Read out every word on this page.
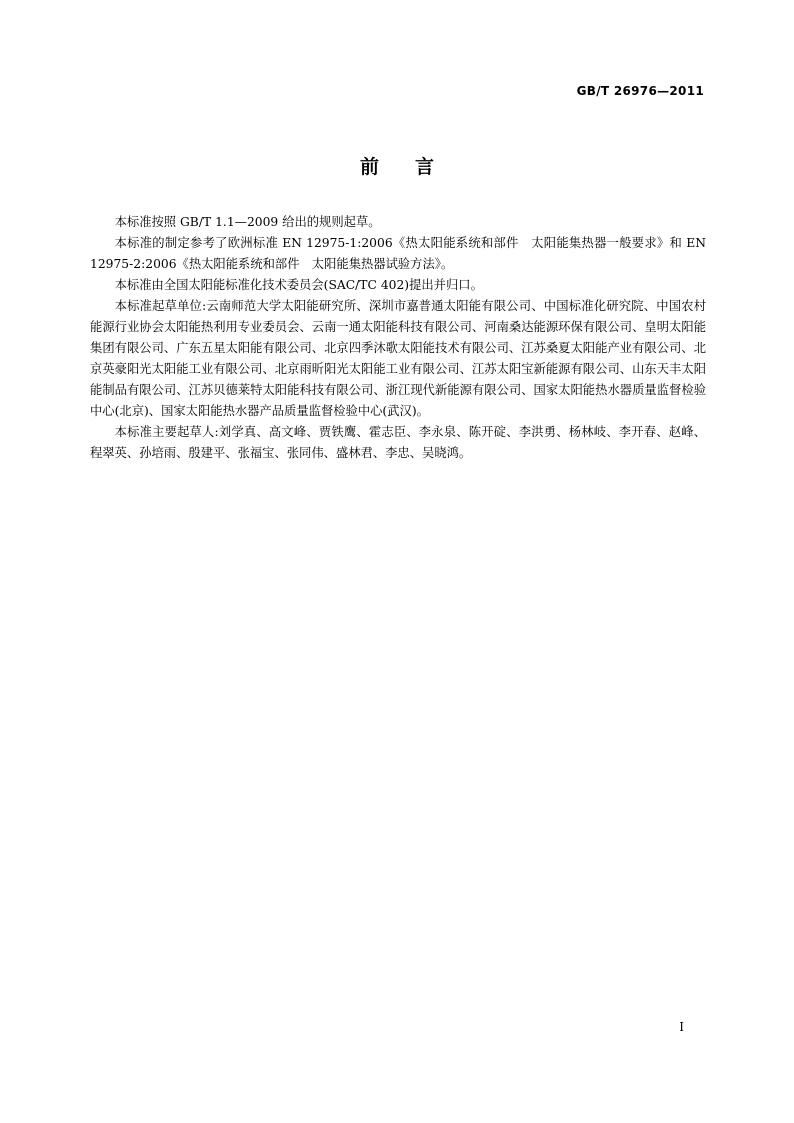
GB/T 26976—2011
前言

本标准按照 GB/T 1.1—2009 给出的规则起草。

本标准的制定参考了欧洲标准 EN 12975-1:2006《热太阳能系统和部件　太阳能集热器一般要求》和 EN 12975-2:2006《热太阳能系统和部件　太阳能集热器试验方法》。

本标准由全国太阳能标准化技术委员会(SAC/TC 402)提出并归口。

本标准起草单位:云南师范大学太阳能研究所、深圳市嘉普通太阳能有限公司、中国标准化研究院、中国农村能源行业协会太阳能热利用专业委员会、云南一通太阳能科技有限公司、河南桑达能源环保有限公司、皇明太阳能集团有限公司、广东五星太阳能有限公司、北京四季沐歌太阳能技术有限公司、江苏桑夏太阳能产业有限公司、北京英豪阳光太阳能工业有限公司、北京雨昕阳光太阳能工业有限公司、江苏太阳宝新能源有限公司、山东天丰太阳能制品有限公司、江苏贝德莱特太阳能科技有限公司、浙江现代新能源有限公司、国家太阳能热水器质量监督检验中心(北京)、国家太阳能热水器产品质量监督检验中心(武汉)。

本标准主要起草人:刘学真、高文峰、贾铁鹰、霍志臣、李永泉、陈开碇、李洪勇、杨林岐、李开春、赵峰、程翠英、孙培雨、殷建平、张福宝、张同伟、盛林君、李忠、吴晓鸿。

I
